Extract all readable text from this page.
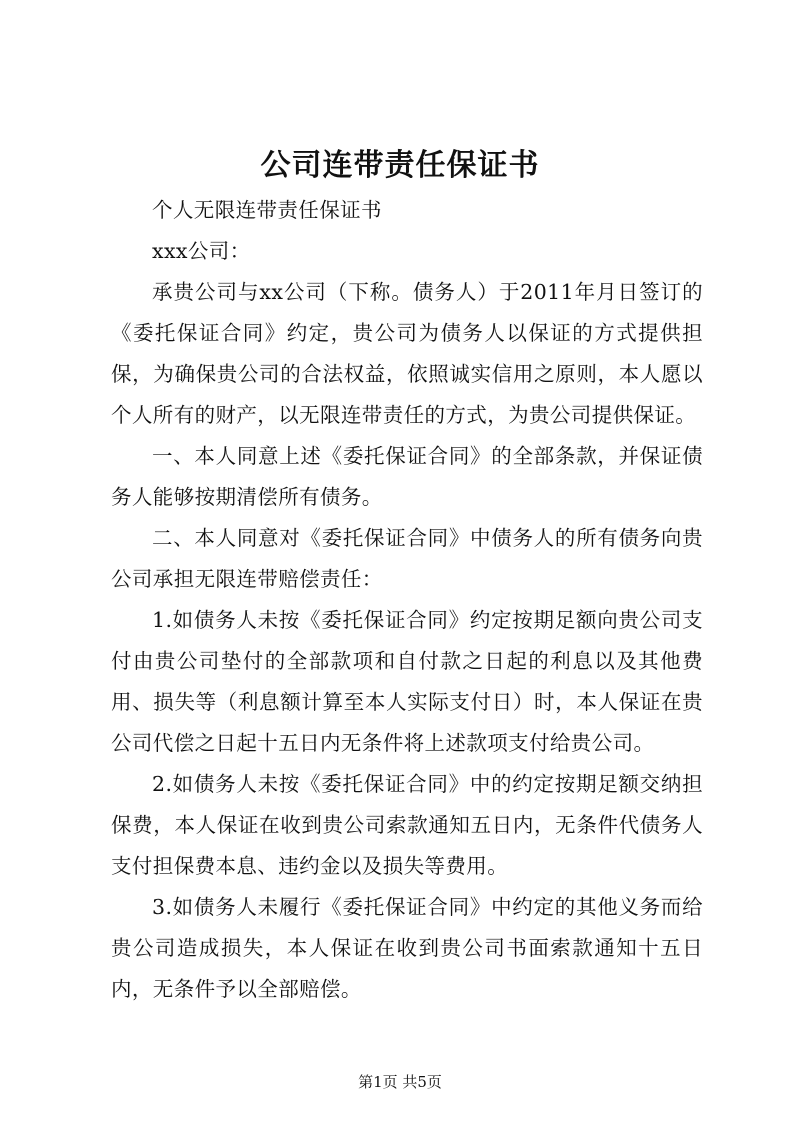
公司连带责任保证书

个人无限连带责任保证书

xxx公司：

承贵公司与xx公司（下称。债务人）于2011年月日签订的《委托保证合同》约定，贵公司为债务人以保证的方式提供担保，为确保贵公司的合法权益，依照诚实信用之原则，本人愿以个人所有的财产，以无限连带责任的方式，为贵公司提供保证。

一、本人同意上述《委托保证合同》的全部条款，并保证债务人能够按期清偿所有债务。

二、本人同意对《委托保证合同》中债务人的所有债务向贵公司承担无限连带赔偿责任：

1.如债务人未按《委托保证合同》约定按期足额向贵公司支付由贵公司垫付的全部款项和自付款之日起的利息以及其他费用、损失等（利息额计算至本人实际支付日）时，本人保证在贵公司代偿之日起十五日内无条件将上述款项支付给贵公司。

2.如债务人未按《委托保证合同》中的约定按期足额交纳担保费，本人保证在收到贵公司索款通知五日内，无条件代债务人支付担保费本息、违约金以及损失等费用。

3.如债务人未履行《委托保证合同》中约定的其他义务而给贵公司造成损失，本人保证在收到贵公司书面索款通知十五日内，无条件予以全部赔偿。

第1页 共5页
